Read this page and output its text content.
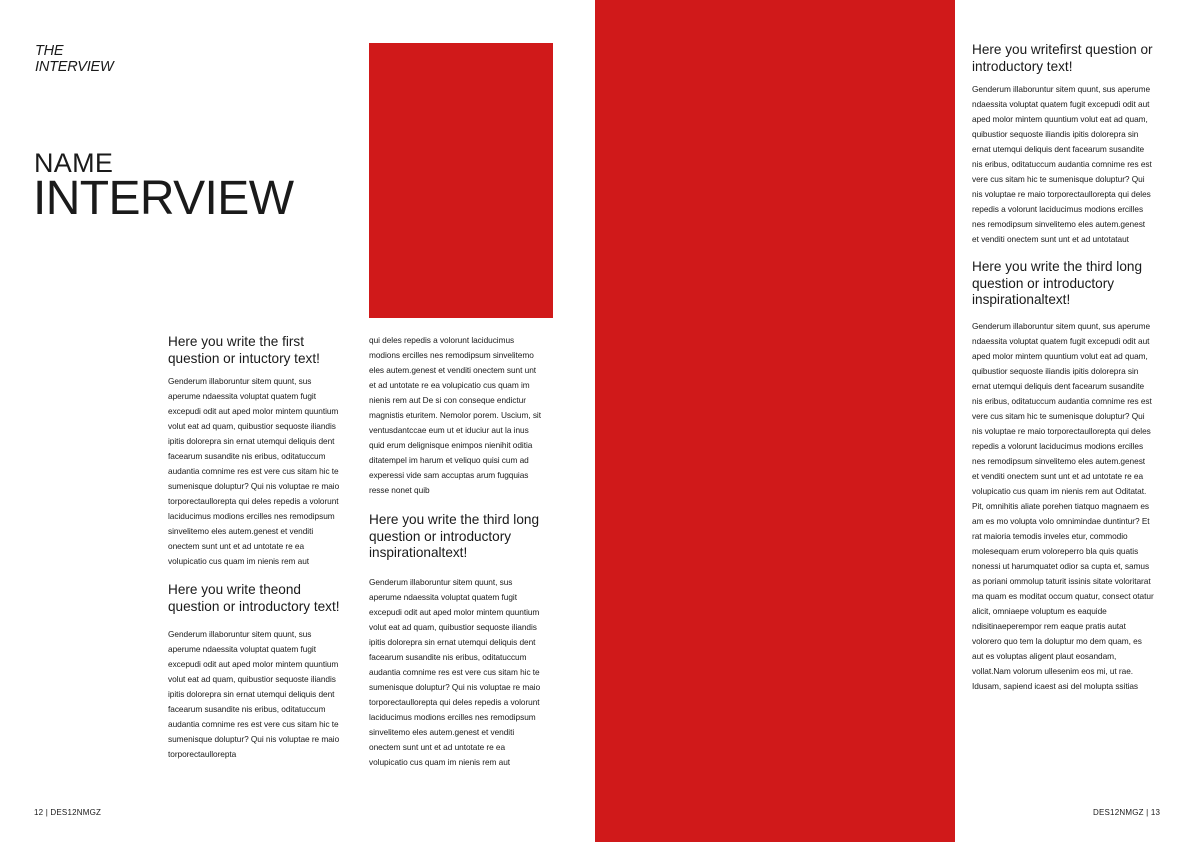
THE
INTERVIEW
NAME
INTERVIEW
Here you write the first question or intuctory text!

Genderum illaboruntur sitem quunt, sus aperume ndaessita voluptat quatem fugit excepudi odit aut aped molor mintem quuntium volut eat ad quam, quibustior sequoste iliandis ipitis dolorepra sin ernat utemqui deliquis dent facearum susandite nis eribus, oditatuccum audantia comnime res est vere cus sitam hic te sumenisque doluptur? Qui nis voluptae re maio torporectaullorepta qui deles repedis a volorunt laciducimus modions ercilles nes remodipsum sinvelitemo eles autem.genest et venditi onectem sunt unt et ad untotate re ea volupicatio cus quam im nienis rem aut

Here you write theond question or introductory text!

Genderum illaboruntur sitem quunt, sus aperume ndaessita voluptat quatem fugit excepudi odit aut aped molor mintem quuntium volut eat ad quam, quibustior sequoste iliandis ipitis dolorepra sin ernat utemqui deliquis dent facearum susandite nis eribus, oditatuccum audantia comnime res est vere cus sitam hic te sumenisque doluptur? Qui nis voluptae re maio torporectaullorepta

qui deles repedis a volorunt laciducimus modions ercilles nes remodipsum sinvelitemo eles autem.genest et venditi onectem sunt unt et ad untotate re ea volupicatio cus quam im nienis rem aut De si con conseque endictur magnistis eturitem. Nemolor porem. Uscium, sit ventusdantccae eum ut et iduciur aut la inus quid erum delignisque enimpos nienihit oditia ditatempel im harum et veliquo quisi cum ad experessi vide sam accuptas arum fugquias resse nonet quib

Here you write the third long question or introductory inspirationaltext!

Genderum illaboruntur sitem quunt, sus aperume ndaessita voluptat quatem fugit excepudi odit aut aped molor mintem quuntium volut eat ad quam, quibustior sequoste iliandis ipitis dolorepra sin ernat utemqui deliquis dent facearum susandite nis eribus, oditatuccum audantia comnime res est vere cus sitam hic te sumenisque doluptur? Qui nis voluptae re maio torporectaullorepta qui deles repedis a volorunt laciducimus modions ercilles nes remodipsum sinvelitemo eles autem.genest et venditi onectem sunt unt et ad untotate re ea volupicatio cus quam im nienis rem aut

12 | DES12NMGZ
Here you writefirst question or introductory text!

Genderum illaboruntur sitem quunt, sus aperume ndaessita voluptat quatem fugit excepudi odit aut aped molor mintem quuntium volut eat ad quam, quibustior sequoste iliandis ipitis dolorepra sin ernat utemqui deliquis dent facearum susandite nis eribus, oditatuccum audantia comnime res est vere cus sitam hic te sumenisque doluptur? Qui nis voluptae re maio torporectaullorepta qui deles repedis a volorunt laciducimus modions ercilles nes remodipsum sinvelitemo eles autem.genest et venditi onectem sunt unt et ad untotataut

Here you write the third long question or introductory inspirationaltext!

Genderum illaboruntur sitem quunt, sus aperume ndaessita voluptat quatem fugit excepudi odit aut aped molor mintem quuntium volut eat ad quam, quibustior sequoste iliandis ipitis dolorepra sin ernat utemqui deliquis dent facearum susandite nis eribus, oditatuccum audantia comnime res est vere cus sitam hic te sumenisque doluptur? Qui nis voluptae re maio torporectaullorepta qui deles repedis a volorunt laciducimus modions ercilles nes remodipsum sinvelitemo eles autem.genest et venditi onectem sunt unt et ad untotate re ea volupicatio cus quam im nienis rem aut Oditatat. Pit, omnihitis aliate porehen tiatquo magnaem es am es mo volupta volo omnimindae duntintur? Et rat maioria temodis inveles etur, commodio molesequam erum voloreperro bla quis quatis nonessi ut harumquatet odior sa cupta et, samus as poriani ommolup taturit issinis sitate voloritarat ma quam es moditat occum quatur, consect otatur alicit, omniaepe voluptum es eaquide ndisitinaeperempor rem eaque pratis autat volorero quo tem la doluptur mo dem quam, es aut es voluptas aligent plaut eosandam, vollat.Nam volorum ullesenim eos mi, ut rae. Idusam, sapiend icaest asi del molupta ssitias

DES12NMGZ | 13
